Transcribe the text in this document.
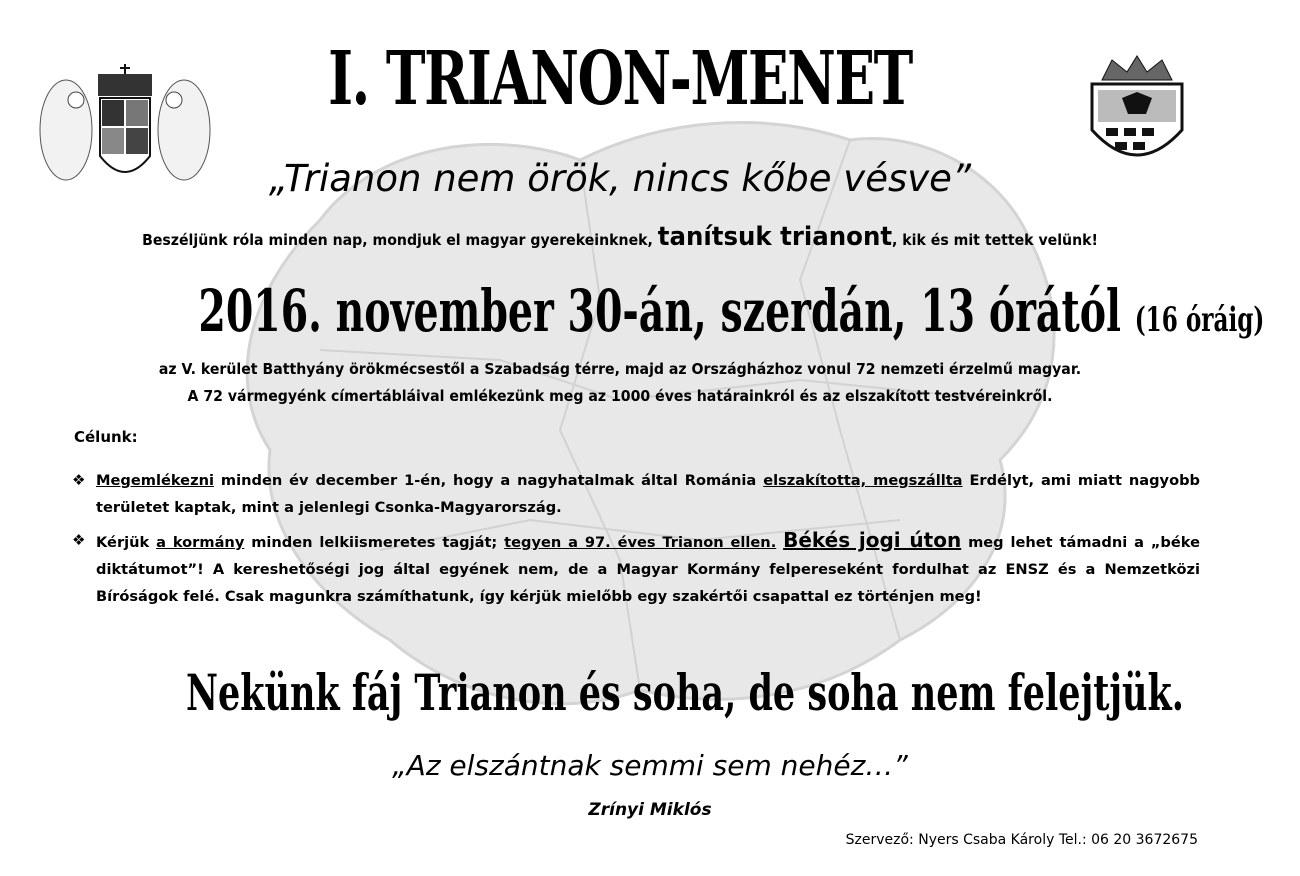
I. TRIANON-MENET
„Trianon nem örök, nincs kőbe vésve”
Beszéljünk róla minden nap, mondjuk el magyar gyerekeinknek, tanítsuk trianont, kik és mit tettek velünk!
2016. november 30-án, szerdán, 13 órától (16 óráig)
az V. kerület Batthyány örökmécsestől a Szabadság térre, majd az Országházhoz vonul 72 nemzeti érzelmű magyar.
A 72 vármegyénk címertábláival emlékezünk meg az 1000 éves határainkról és az elszakított testvéreinkről.
Célunk:
❖ Megemlékezni minden év december 1-én, hogy a nagyhatalmak által Románia elszakította, megszállta Erdélyt, ami miatt nagyobb területet kaptak, mint a jelenlegi Csonka-Magyarország.
❖ Kérjük a kormány minden lelkiismeretes tagját; tegyen a 97. éves Trianon ellen. Békés jogi úton meg lehet támadni a „béke diktátumot”! A kereshetőségi jog által egyének nem, de a Magyar Kormány felpereseként fordulhat az ENSZ és a Nemzetközi Bíróságok felé. Csak magunkra számíthatunk, így kérjük mielőbb egy szakértői csapattal ez történjen meg!
Nekünk fáj Trianon és soha, de soha nem felejtjük.
„Az elszántnak semmi sem nehéz…”
Zrínyi Miklós
Szervező: Nyers Csaba Károly Tel.: 06 20 3672675
